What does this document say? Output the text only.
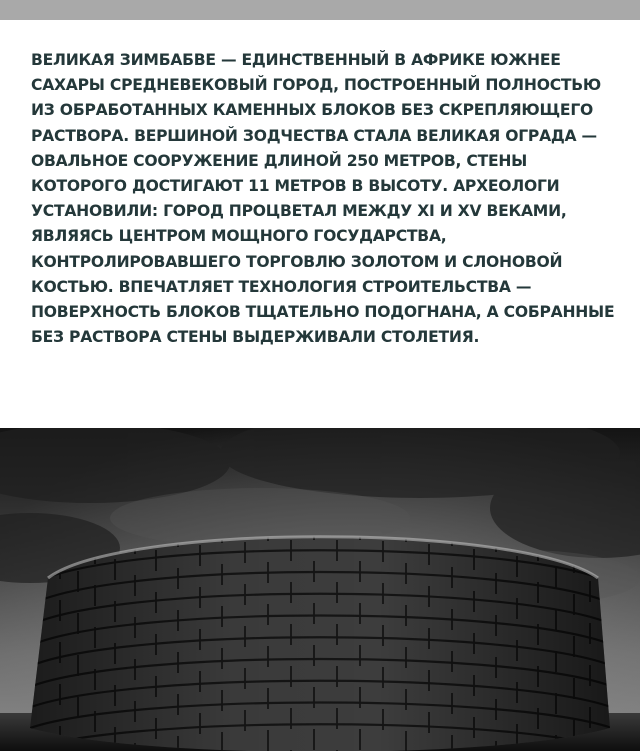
ВЕЛИКАЯ ЗИМБАБВЕ — ЕДИНСТВЕННЫЙ В АФРИКЕ ЮЖНЕЕ САХАРЫ СРЕДНЕВЕКОВЫЙ ГОРОД, ПОСТРОЕННЫЙ ПОЛНОСТЬЮ ИЗ ОБРАБОТАННЫХ КАМЕННЫХ БЛОКОВ БЕЗ СКРЕПЛЯЮЩЕГО РАСТВОРА. ВЕРШИНОЙ ЗОДЧЕСТВА СТАЛА ВЕЛИКАЯ ОГРАДА — ОВАЛЬНОЕ СООРУЖЕНИЕ ДЛИНОЙ 250 МЕТРОВ, СТЕНЫ КОТОРОГО ДОСТИГАЮТ 11 МЕТРОВ В ВЫСОТУ. АРХЕОЛОГИ УСТАНОВИЛИ: ГОРОД ПРОЦВЕТАЛ МЕЖДУ XI И XV ВЕКАМИ, ЯВЛЯЯСЬ ЦЕНТРОМ МОЩНОГО ГОСУДАРСТВА, КОНТРОЛИРОВАВШЕГО ТОРГОВЛЮ ЗОЛОТОМ И СЛОНОВОЙ КОСТЬЮ. ВПЕЧАТЛЯЕТ ТЕХНОЛОГИЯ СТРОИТЕЛЬСТВА — ПОВЕРХНОСТЬ БЛОКОВ ТЩАТЕЛЬНО ПОДОГНАНА, А СОБРАННЫЕ БЕЗ РАСТВОРА СТЕНЫ ВЫДЕРЖИВАЛИ СТОЛЕТИЯ.
